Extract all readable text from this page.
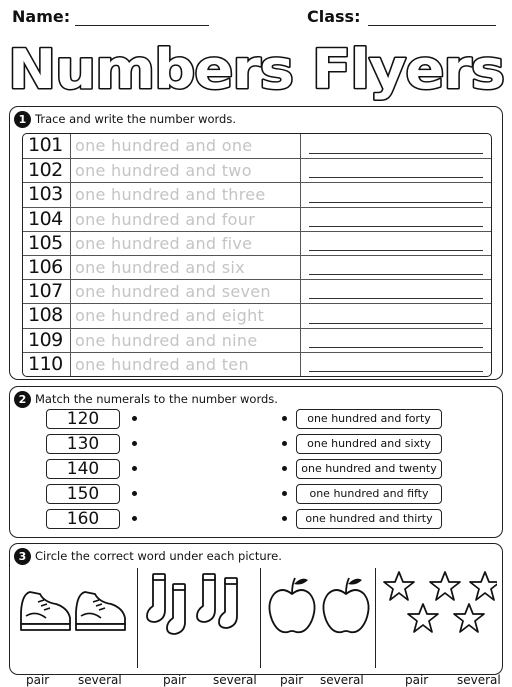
Name:	Class:
Numbers Flyers
1 Trace and write the number words.
101 one hundred and one
102 one hundred and two
103 one hundred and three
104 one hundred and four
105 one hundred and five
106 one hundred and six
107 one hundred and seven
108 one hundred and eight
109 one hundred and nine
110 one hundred and ten
2 Match the numerals to the number words.
120	one hundred and forty
130	one hundred and sixty
140	one hundred and twenty
150	one hundred and fifty
160	one hundred and thirty
3 Circle the correct word under each picture.
pair several	pair several pair several	pair several
